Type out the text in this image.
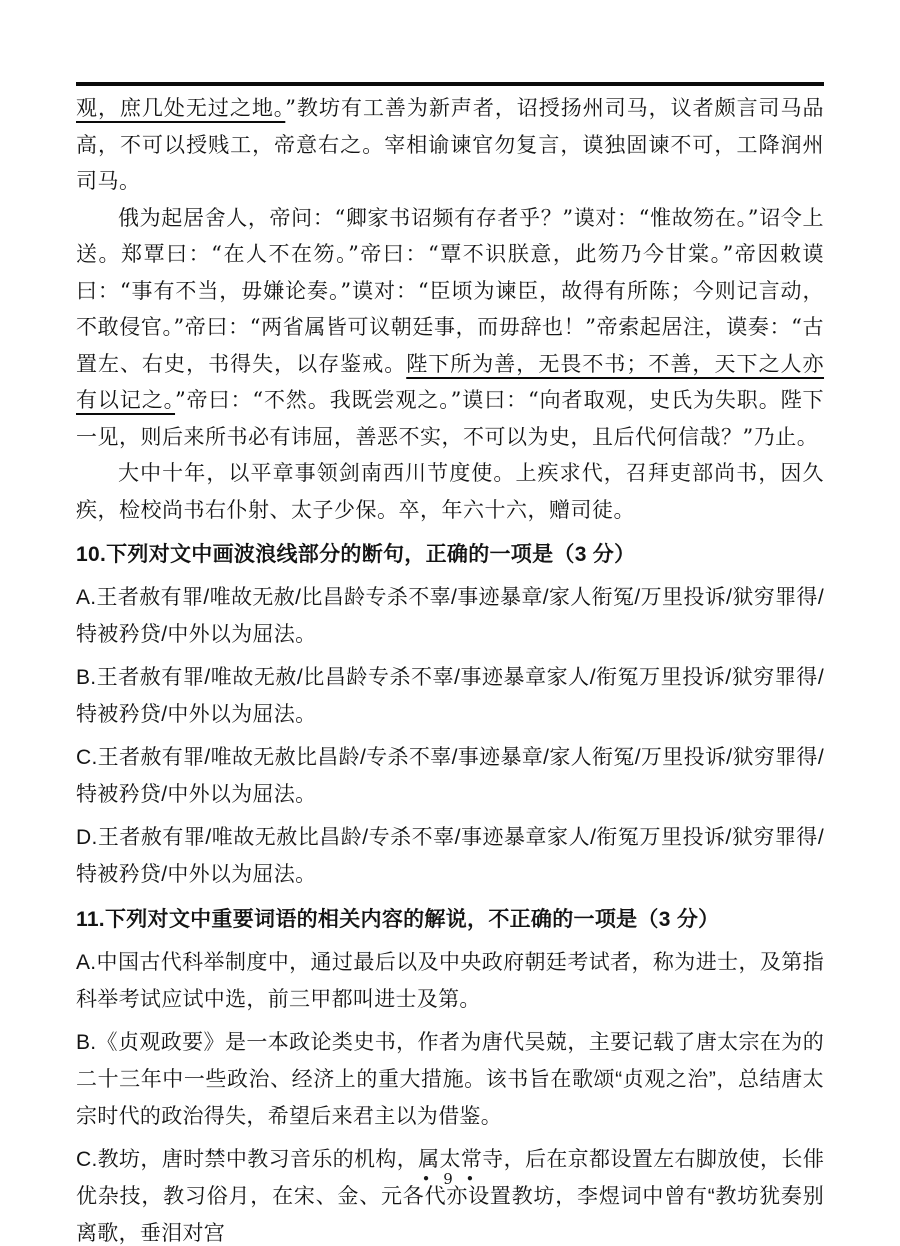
观，庶几处无过之地。”教坊有工善为新声者，诏授扬州司马，议者颇言司马品高，不可以授贱工，帝意右之。宰相谕谏官勿复言，谟独固谏不可，工降润州司马。

俄为起居舍人，帝问：“卿家书诏频有存者乎？”谟对：“惟故笏在。”诏令上送。郑覃曰：“在人不在笏。”帝曰：“覃不识朕意，此笏乃今甘棠。”帝因敕谟曰：“事有不当，毋嫌论奏。”谟对：“臣顷为谏臣，故得有所陈；今则记言动，不敢侵官。”帝曰：“两省属皆可议朝廷事，而毋辞也！”帝索起居注，谟奏：“古置左、右史，书得失，以存鉴戒。陛下所为善，无畏不书；不善，天下之人亦有以记之。”帝曰：“不然。我既尝观之。”谟曰：“向者取观，史氏为失职。陛下一见，则后来所书必有讳屈，善恶不实，不可以为史，且后代何信哉？”乃止。

大中十年，以平章事领剑南西川节度使。上疾求代，召拜吏部尚书，因久疾，检校尚书右仆射、太子少保。卒，年六十六，赠司徒。

10.下列对文中画波浪线部分的断句，正确的一项是（3 分）

A.王者赦有罪/唯故无赦/比昌龄专杀不辜/事迹暴章/家人衔冤/万里投诉/狱穷罪得/特被矜贷/中外以为屈法。

B.王者赦有罪/唯故无赦/比昌龄专杀不辜/事迹暴章家人/衔冤万里投诉/狱穷罪得/特被矜贷/中外以为屈法。

C.王者赦有罪/唯故无赦比昌龄/专杀不辜/事迹暴章/家人衔冤/万里投诉/狱穷罪得/特被矜贷/中外以为屈法。

D.王者赦有罪/唯故无赦比昌龄/专杀不辜/事迹暴章家人/衔冤万里投诉/狱穷罪得/特被矜贷/中外以为屈法。

11.下列对文中重要词语的相关内容的解说，不正确的一项是（3 分）

A.中国古代科举制度中，通过最后以及中央政府朝廷考试者，称为进士，及第指科举考试应试中选，前三甲都叫进士及第。

B.《贞观政要》是一本政论类史书，作者为唐代吴兢，主要记载了唐太宗在为的二十三年中一些政治、经济上的重大措施。该书旨在歌颂“贞观之治”，总结唐太宗时代的政治得失，希望后来君主以为借鉴。

C.教坊，唐时禁中教习音乐的机构，属太常寺，后在京都设置左右脚放使，长俳优杂技，教习俗月，在宋、金、元各代亦设置教坊，李煜词中曾有“教坊犹奏别离歌，垂泪对宫

• 9 •
